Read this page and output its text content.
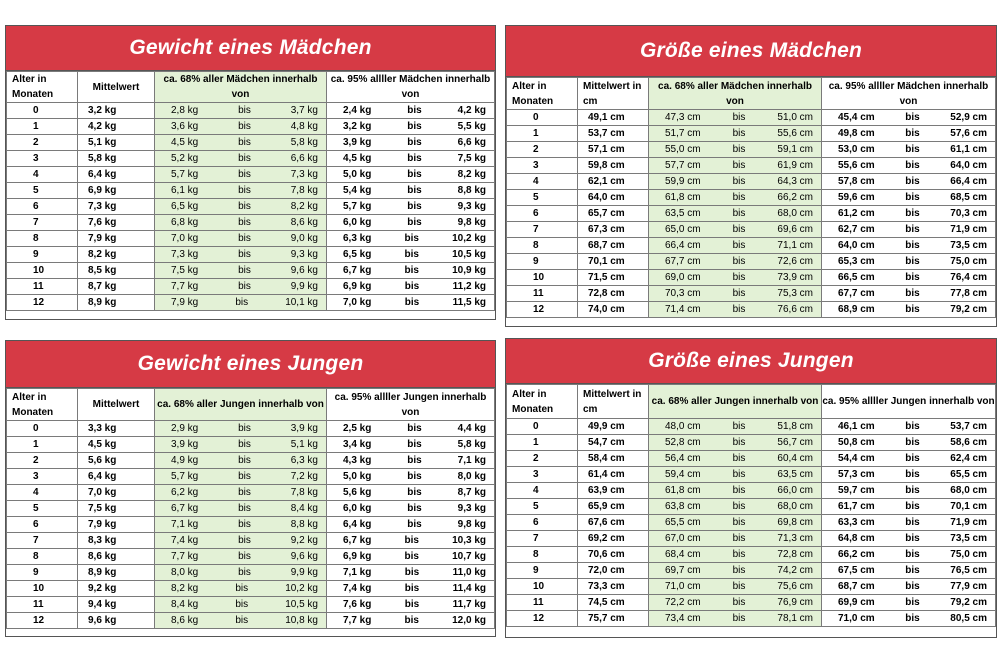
Gewicht eines Mädchen
Alter in Monaten	Mittelwert	ca. 68% aller Mädchen innerhalb von	ca. 95% allller Mädchen innerhalb von
0	3,2 kg	2,8 kg bis 3,7 kg	2,4 kg bis 4,2 kg

1	4,2 kg	3,6 kg bis 4,8 kg	3,2 kg bis 5,5 kg

2	5,1 kg	4,5 kg bis 5,8 kg	3,9 kg bis 6,6 kg

3	5,8 kg	5,2 kg bis 6,6 kg	4,5 kg bis 7,5 kg

4	6,4 kg	5,7 kg bis 7,3 kg	5,0 kg bis 8,2 kg

5	6,9 kg	6,1 kg bis 7,8 kg	5,4 kg bis 8,8 kg

6	7,3 kg	6,5 kg bis 8,2 kg	5,7 kg bis 9,3 kg

7	7,6 kg	6,8 kg bis 8,6 kg	6,0 kg bis 9,8 kg

8	7,9 kg	7,0 kg bis 9,0 kg	6,3 kg bis 10,2 kg

9	8,2 kg	7,3 kg bis 9,3 kg	6,5 kg bis 10,5 kg

10	8,5 kg	7,5 kg bis 9,6 kg	6,7 kg bis 10,9 kg

11	8,7 kg	7,7 kg bis 9,9 kg	6,9 kg bis 11,2 kg

12	8,9 kg	7,9 kg bis 10,1 kg	7,0 kg bis 11,5 kg
Größe eines Mädchen
Alter in Monaten	Mittelwert in cm	ca. 68% aller Mädchen innerhalb von	ca. 95% allller Mädchen innerhalb von
0	49,1 cm	47,3 cm bis 51,0 cm	45,4 cm bis 52,9 cm

1	53,7 cm	51,7 cm bis 55,6 cm	49,8 cm bis 57,6 cm

2	57,1 cm	55,0 cm bis 59,1 cm	53,0 cm bis 61,1 cm

3	59,8 cm	57,7 cm bis 61,9 cm	55,6 cm bis 64,0 cm

4	62,1 cm	59,9 cm bis 64,3 cm	57,8 cm bis 66,4 cm

5	64,0 cm	61,8 cm bis 66,2 cm	59,6 cm bis 68,5 cm

6	65,7 cm	63,5 cm bis 68,0 cm	61,2 cm bis 70,3 cm

7	67,3 cm	65,0 cm bis 69,6 cm	62,7 cm bis 71,9 cm

8	68,7 cm	66,4 cm bis 71,1 cm	64,0 cm bis 73,5 cm

9	70,1 cm	67,7 cm bis 72,6 cm	65,3 cm bis 75,0 cm

10	71,5 cm	69,0 cm bis 73,9 cm	66,5 cm bis 76,4 cm

11	72,8 cm	70,3 cm bis 75,3 cm	67,7 cm bis 77,8 cm

12	74,0 cm	71,4 cm bis 76,6 cm	68,9 cm bis 79,2 cm
Gewicht eines Jungen
Alter in Monaten	Mittelwert	ca. 68% aller Jungen innerhalb von	ca. 95% allller Jungen innerhalb von
0	3,3 kg	2,9 kg bis 3,9 kg	2,5 kg bis 4,4 kg

1	4,5 kg	3,9 kg bis 5,1 kg	3,4 kg bis 5,8 kg

2	5,6 kg	4,9 kg bis 6,3 kg	4,3 kg bis 7,1 kg

3	6,4 kg	5,7 kg bis 7,2 kg	5,0 kg bis 8,0 kg

4	7,0 kg	6,2 kg bis 7,8 kg	5,6 kg bis 8,7 kg

5	7,5 kg	6,7 kg bis 8,4 kg	6,0 kg bis 9,3 kg

6	7,9 kg	7,1 kg bis 8,8 kg	6,4 kg bis 9,8 kg

7	8,3 kg	7,4 kg bis 9,2 kg	6,7 kg bis 10,3 kg

8	8,6 kg	7,7 kg bis 9,6 kg	6,9 kg bis 10,7 kg

9	8,9 kg	8,0 kg bis 9,9 kg	7,1 kg bis 11,0 kg

10	9,2 kg	8,2 kg bis 10,2 kg	7,4 kg bis 11,4 kg

11	9,4 kg	8,4 kg bis 10,5 kg	7,6 kg bis 11,7 kg

12	9,6 kg	8,6 kg bis 10,8 kg	7,7 kg bis 12,0 kg
Größe eines Jungen
Alter in Monaten	Mittelwert in cm	ca. 68% aller Jungen innerhalb von	ca. 95% allller Jungen innerhalb von
0	49,9 cm	48,0 cm bis 51,8 cm	46,1 cm bis 53,7 cm

1	54,7 cm	52,8 cm bis 56,7 cm	50,8 cm bis 58,6 cm

2	58,4 cm	56,4 cm bis 60,4 cm	54,4 cm bis 62,4 cm

3	61,4 cm	59,4 cm bis 63,5 cm	57,3 cm bis 65,5 cm

4	63,9 cm	61,8 cm bis 66,0 cm	59,7 cm bis 68,0 cm

5	65,9 cm	63,8 cm bis 68,0 cm	61,7 cm bis 70,1 cm

6	67,6 cm	65,5 cm bis 69,8 cm	63,3 cm bis 71,9 cm

7	69,2 cm	67,0 cm bis 71,3 cm	64,8 cm bis 73,5 cm

8	70,6 cm	68,4 cm bis 72,8 cm	66,2 cm bis 75,0 cm

9	72,0 cm	69,7 cm bis 74,2 cm	67,5 cm bis 76,5 cm

10	73,3 cm	71,0 cm bis 75,6 cm	68,7 cm bis 77,9 cm

11	74,5 cm	72,2 cm bis 76,9 cm	69,9 cm bis 79,2 cm

12	75,7 cm	73,4 cm bis 78,1 cm	71,0 cm bis 80,5 cm
